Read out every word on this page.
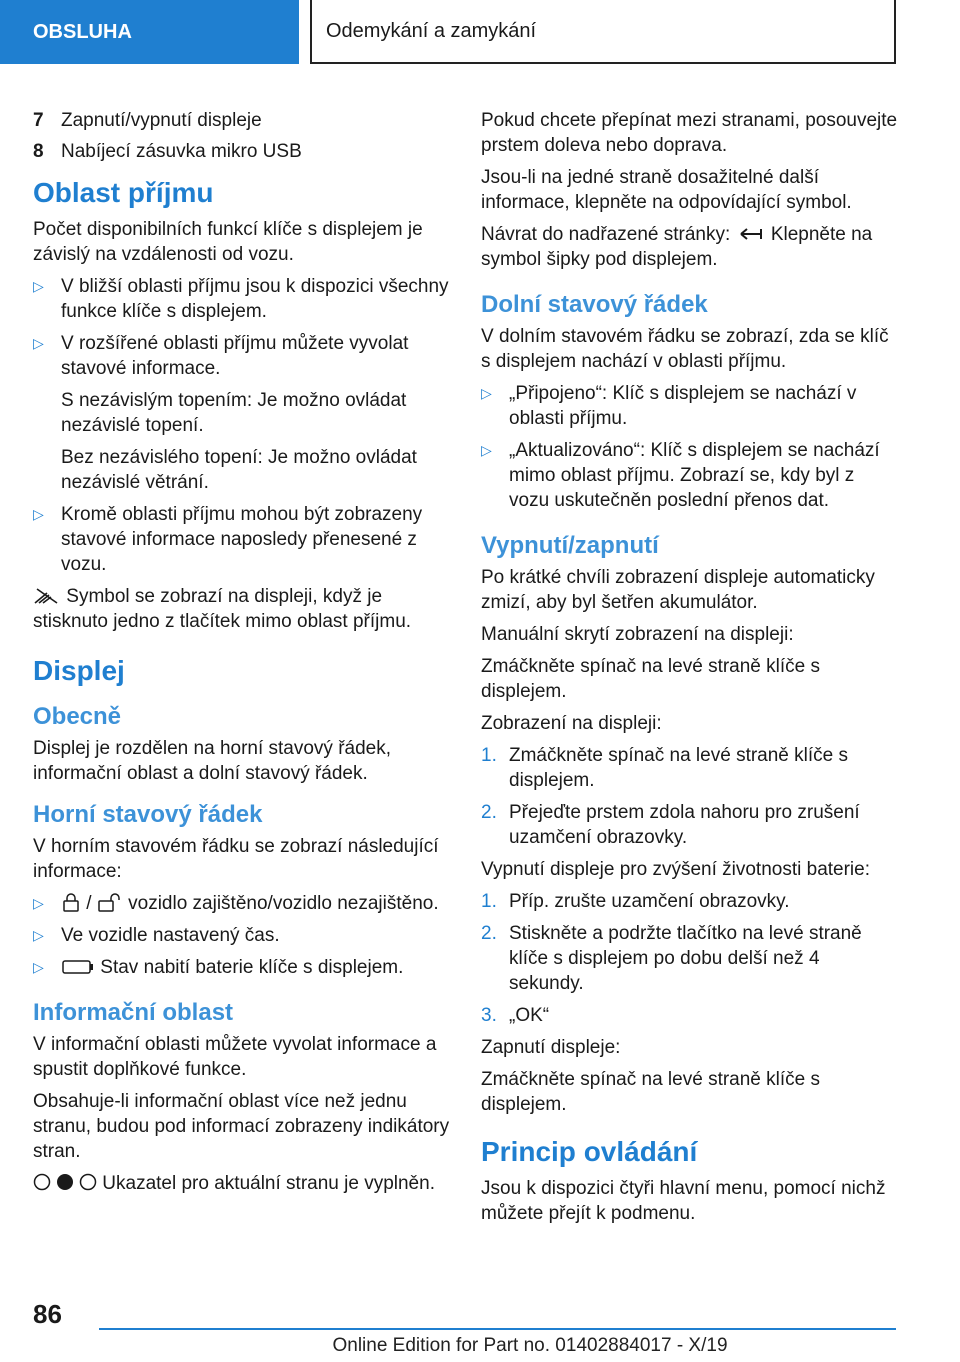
OBSLUHA	Odemykání a zamykání
7 Zapnutí/vypnutí displeje
8 Nabíjecí zásuvka mikro USB
Oblast příjmu

Počet disponibilních funkcí klíče s displejem je závislý na vzdálenosti od vozu.

▷ V bližší oblasti příjmu jsou k dispozici všechny funkce klíče s displejem.
▷ V rozšířené oblasti příjmu můžete vyvolat stavové informace.

S nezávislým topením: Je možno ovládat nezávislé topení.

Bez nezávislého topení: Je možno ovládat nezávislé větrání.

▷ Kromě oblasti příjmu mohou být zobrazeny stavové informace naposledy přenesené z vozu.

Symbol se zobrazí na displeji, když je stisknuto jedno z tlačítek mimo oblast příjmu.

Displej
Obecně

Displej je rozdělen na horní stavový řádek, informační oblast a dolní stavový řádek.

Horní stavový řádek

V horním stavovém řádku se zobrazí následující informace:

▷	/ vozidlo zajištěno/vozidlo nezajištěno.
▷ Ve vozidle nastavený čas.
▷	Stav nabití baterie klíče s displejem.
Informační oblast

V informační oblasti můžete vyvolat informace a spustit doplňkové funkce.

Obsahuje-li informační oblast více než jednu stranu, budou pod informací zobrazeny indikátory stran.

Ukazatel pro aktuální stranu je vyplněn.

Pokud chcete přepínat mezi stranami, posouvejte prstem doleva nebo doprava.

Jsou-li na jedné straně dosažitelné další informace, klepněte na odpovídající symbol.

Návrat do nadřazené stránky: Klepněte na symbol šipky pod displejem.

Dolní stavový řádek

V dolním stavovém řádku se zobrazí, zda se klíč s displejem nachází v oblasti příjmu.

▷ „Připojeno“: Klíč s displejem se nachází v oblasti příjmu.
▷ „Aktualizováno“: Klíč s displejem se nachází mimo oblast příjmu. Zobrazí se, kdy byl z vozu uskutečněn poslední přenos dat.
Vypnutí/zapnutí

Po krátké chvíli zobrazení displeje automaticky zmizí, aby byl šetřen akumulátor.

Manuální skrytí zobrazení na displeji:

Zmáčkněte spínač na levé straně klíče s displejem.

Zobrazení na displeji:

1. Zmáčkněte spínač na levé straně klíče s displejem.
2. Přejeďte prstem zdola nahoru pro zrušení uzamčení obrazovky.

Vypnutí displeje pro zvýšení životnosti baterie:

1. Příp. zrušte uzamčení obrazovky.
2. Stiskněte a podržte tlačítko na levé straně klíče s displejem po dobu delší než 4 sekundy.
3. „OK“

Zapnutí displeje:

Zmáčkněte spínač na levé straně klíče s displejem.

Princip ovládání

Jsou k dispozici čtyři hlavní menu, pomocí nichž můžete přejít k podmenu.

86
Online Edition for Part no. 01402884017 - X/19
